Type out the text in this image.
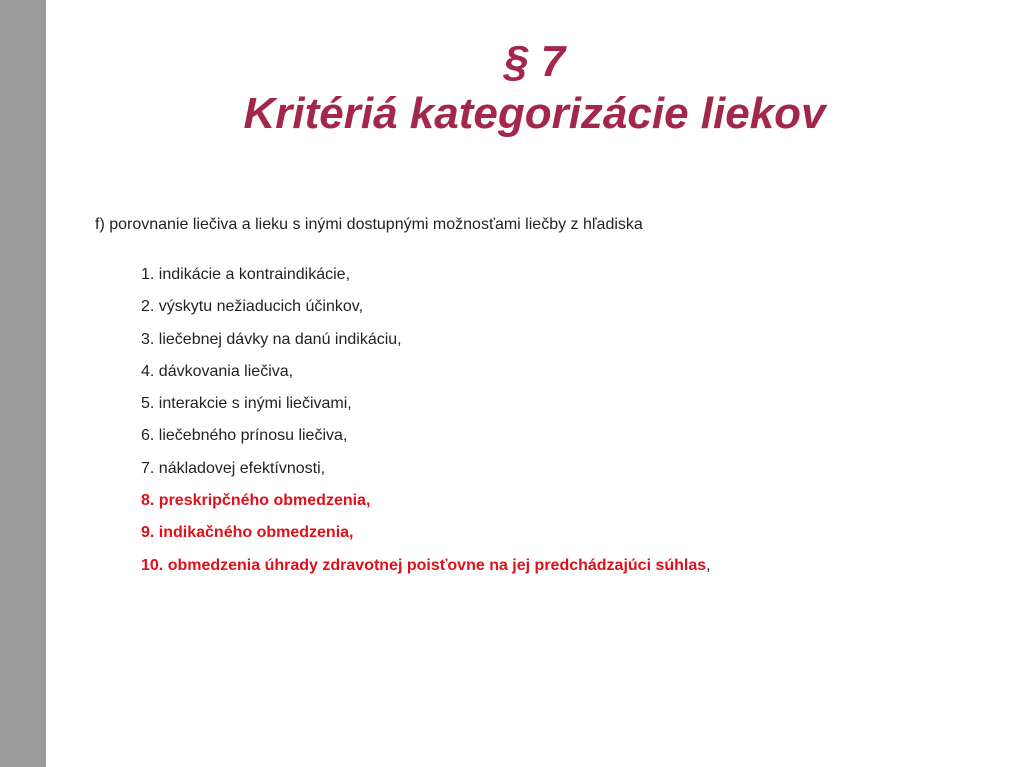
§ 7
Kritériá kategorizácie liekov
f) porovnanie liečiva a lieku s inými dostupnými možnosťami liečby z hľadiska
1. indikácie a kontraindikácie,
2. výskytu nežiaducich účinkov,
3. liečebnej dávky na danú indikáciu,
4. dávkovania liečiva,
5. interakcie s inými liečivami,
6. liečebného prínosu liečiva,
7. nákladovej efektívnosti,
8. preskripčného obmedzenia,
9. indikačného obmedzenia,
10. obmedzenia úhrady zdravotnej poisťovne na jej predchádzajúci súhlas,
